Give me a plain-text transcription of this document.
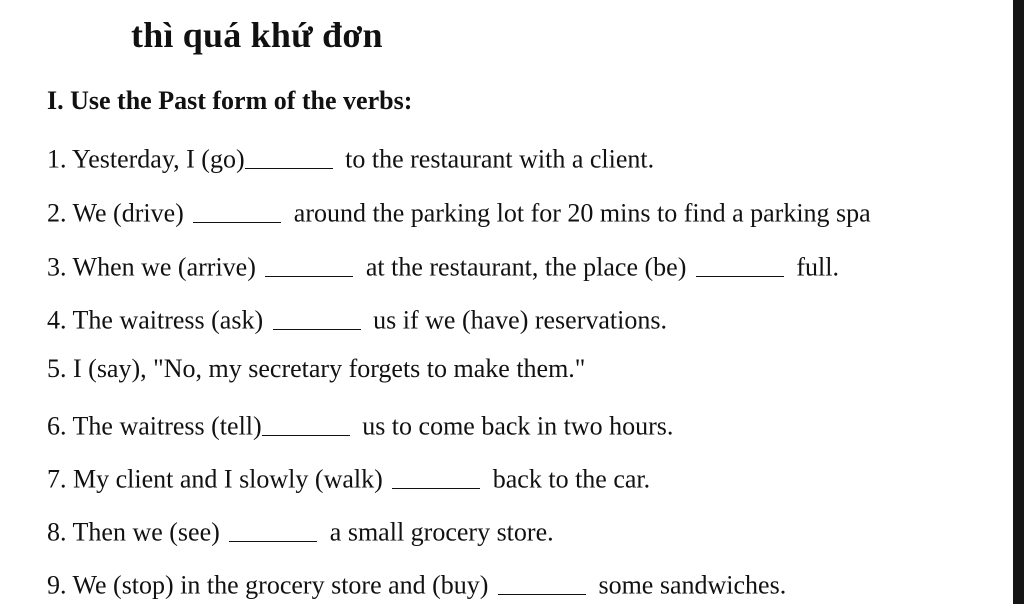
thì quá khứ đơn
I. Use the Past form of the verbs:
1. Yesterday, I (go)	to the restaurant with a client.
2. We (drive)	around the parking lot for 20 mins to find a parking spa
3. When we (arrive)	at the restaurant, the place (be)	full.
4. The waitress (ask)	us if we (have) reservations.
5. I (say), "No, my secretary forgets to make them."
6. The waitress (tell)	us to come back in two hours.
7. My client and I slowly (walk)	back to the car.
8. Then we (see)	a small grocery store.
9. We (stop) in the grocery store and (buy)	some sandwiches.
